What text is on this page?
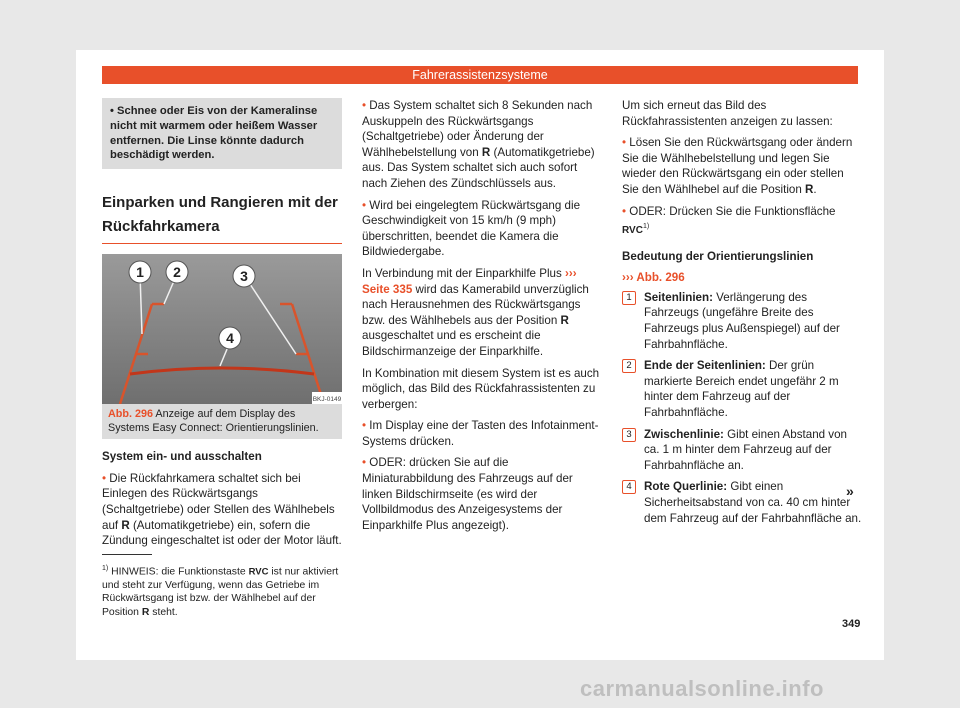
Fahrerassistenzsysteme
• Schnee oder Eis von der Kameralinse nicht mit warmem oder heißem Wasser entfernen. Die Linse könnte dadurch beschädigt werden.
Einparken und Rangieren mit der Rückfahrkamera
1 2	3
4
BKJ-0149
Abb. 296 Anzeige auf dem Display des Systems Easy Connect: Orientierungslinien.
System ein- und ausschalten

• Die Rückfahrkamera schaltet sich bei Einlegen des Rückwärtsgangs (Schaltgetriebe) oder Stellen des Wählhebels auf R (Automatikgetriebe) ein, sofern die Zündung eingeschaltet ist oder der Motor läuft.

• Das System schaltet sich 8 Sekunden nach Auskuppeln des Rückwärtsgangs (Schaltgetriebe) oder Änderung der Wählhebelstellung von R (Automatikgetriebe) aus. Das System schaltet sich auch sofort nach Ziehen des Zündschlüssels aus.

• Wird bei eingelegtem Rückwärtsgang die Geschwindigkeit von 15 km/h (9 mph) überschritten, beendet die Kamera die Bildwiedergabe.

In Verbindung mit der Einparkhilfe Plus ››› Seite 335 wird das Kamerabild unverzüglich nach Herausnehmen des Rückwärtsgangs bzw. des Wählhebels aus der Position R ausgeschaltet und es erscheint die Bildschirmanzeige der Einparkhilfe.

In Kombination mit diesem System ist es auch möglich, das Bild des Rückfahrassistenten zu verbergen:

• Im Display eine der Tasten des Infotainment-Systems drücken.

• ODER: drücken Sie auf die Miniaturabbildung des Fahrzeugs auf der linken Bildschirmseite (es wird der Vollbildmodus des Anzeigesystems der Einparkhilfe Plus angezeigt).

Um sich erneut das Bild des Rückfahrassistenten anzeigen zu lassen:

• Lösen Sie den Rückwärtsgang oder ändern Sie die Wählhebelstellung und legen Sie wieder den Rückwärtsgang ein oder stellen Sie den Wählhebel auf die Position R.

• ODER: Drücken Sie die Funktionsfläche RVC$^{1)}$

Bedeutung der Orientierungslinien
››› Abb. 296
1	Seitenlinien: Verlängerung des Fahrzeugs (ungefähre Breite des Fahrzeugs plus Außenspiegel) auf der Fahrbahnfläche.
2	Ende der Seitenlinien: Der grün markierte Bereich endet ungefähr 2 m hinter dem Fahrzeug auf der Fahrbahnfläche.
3	Zwischenlinie: Gibt einen Abstand von ca. 1 m hinter dem Fahrzeug auf der Fahrbahnfläche an.
4	Rote Querlinie: Gibt einen Sicherheitsabstand von ca. 40 cm hinter dem Fahrzeug auf der Fahrbahnfläche an.
»
$^{1)}$ HINWEIS: die Funktionstaste RVC ist nur aktiviert und steht zur Verfügung, wenn das Getriebe im Rückwärtsgang ist bzw. der Wählhebel auf der Position R steht.
349
carmanualsonline.info
